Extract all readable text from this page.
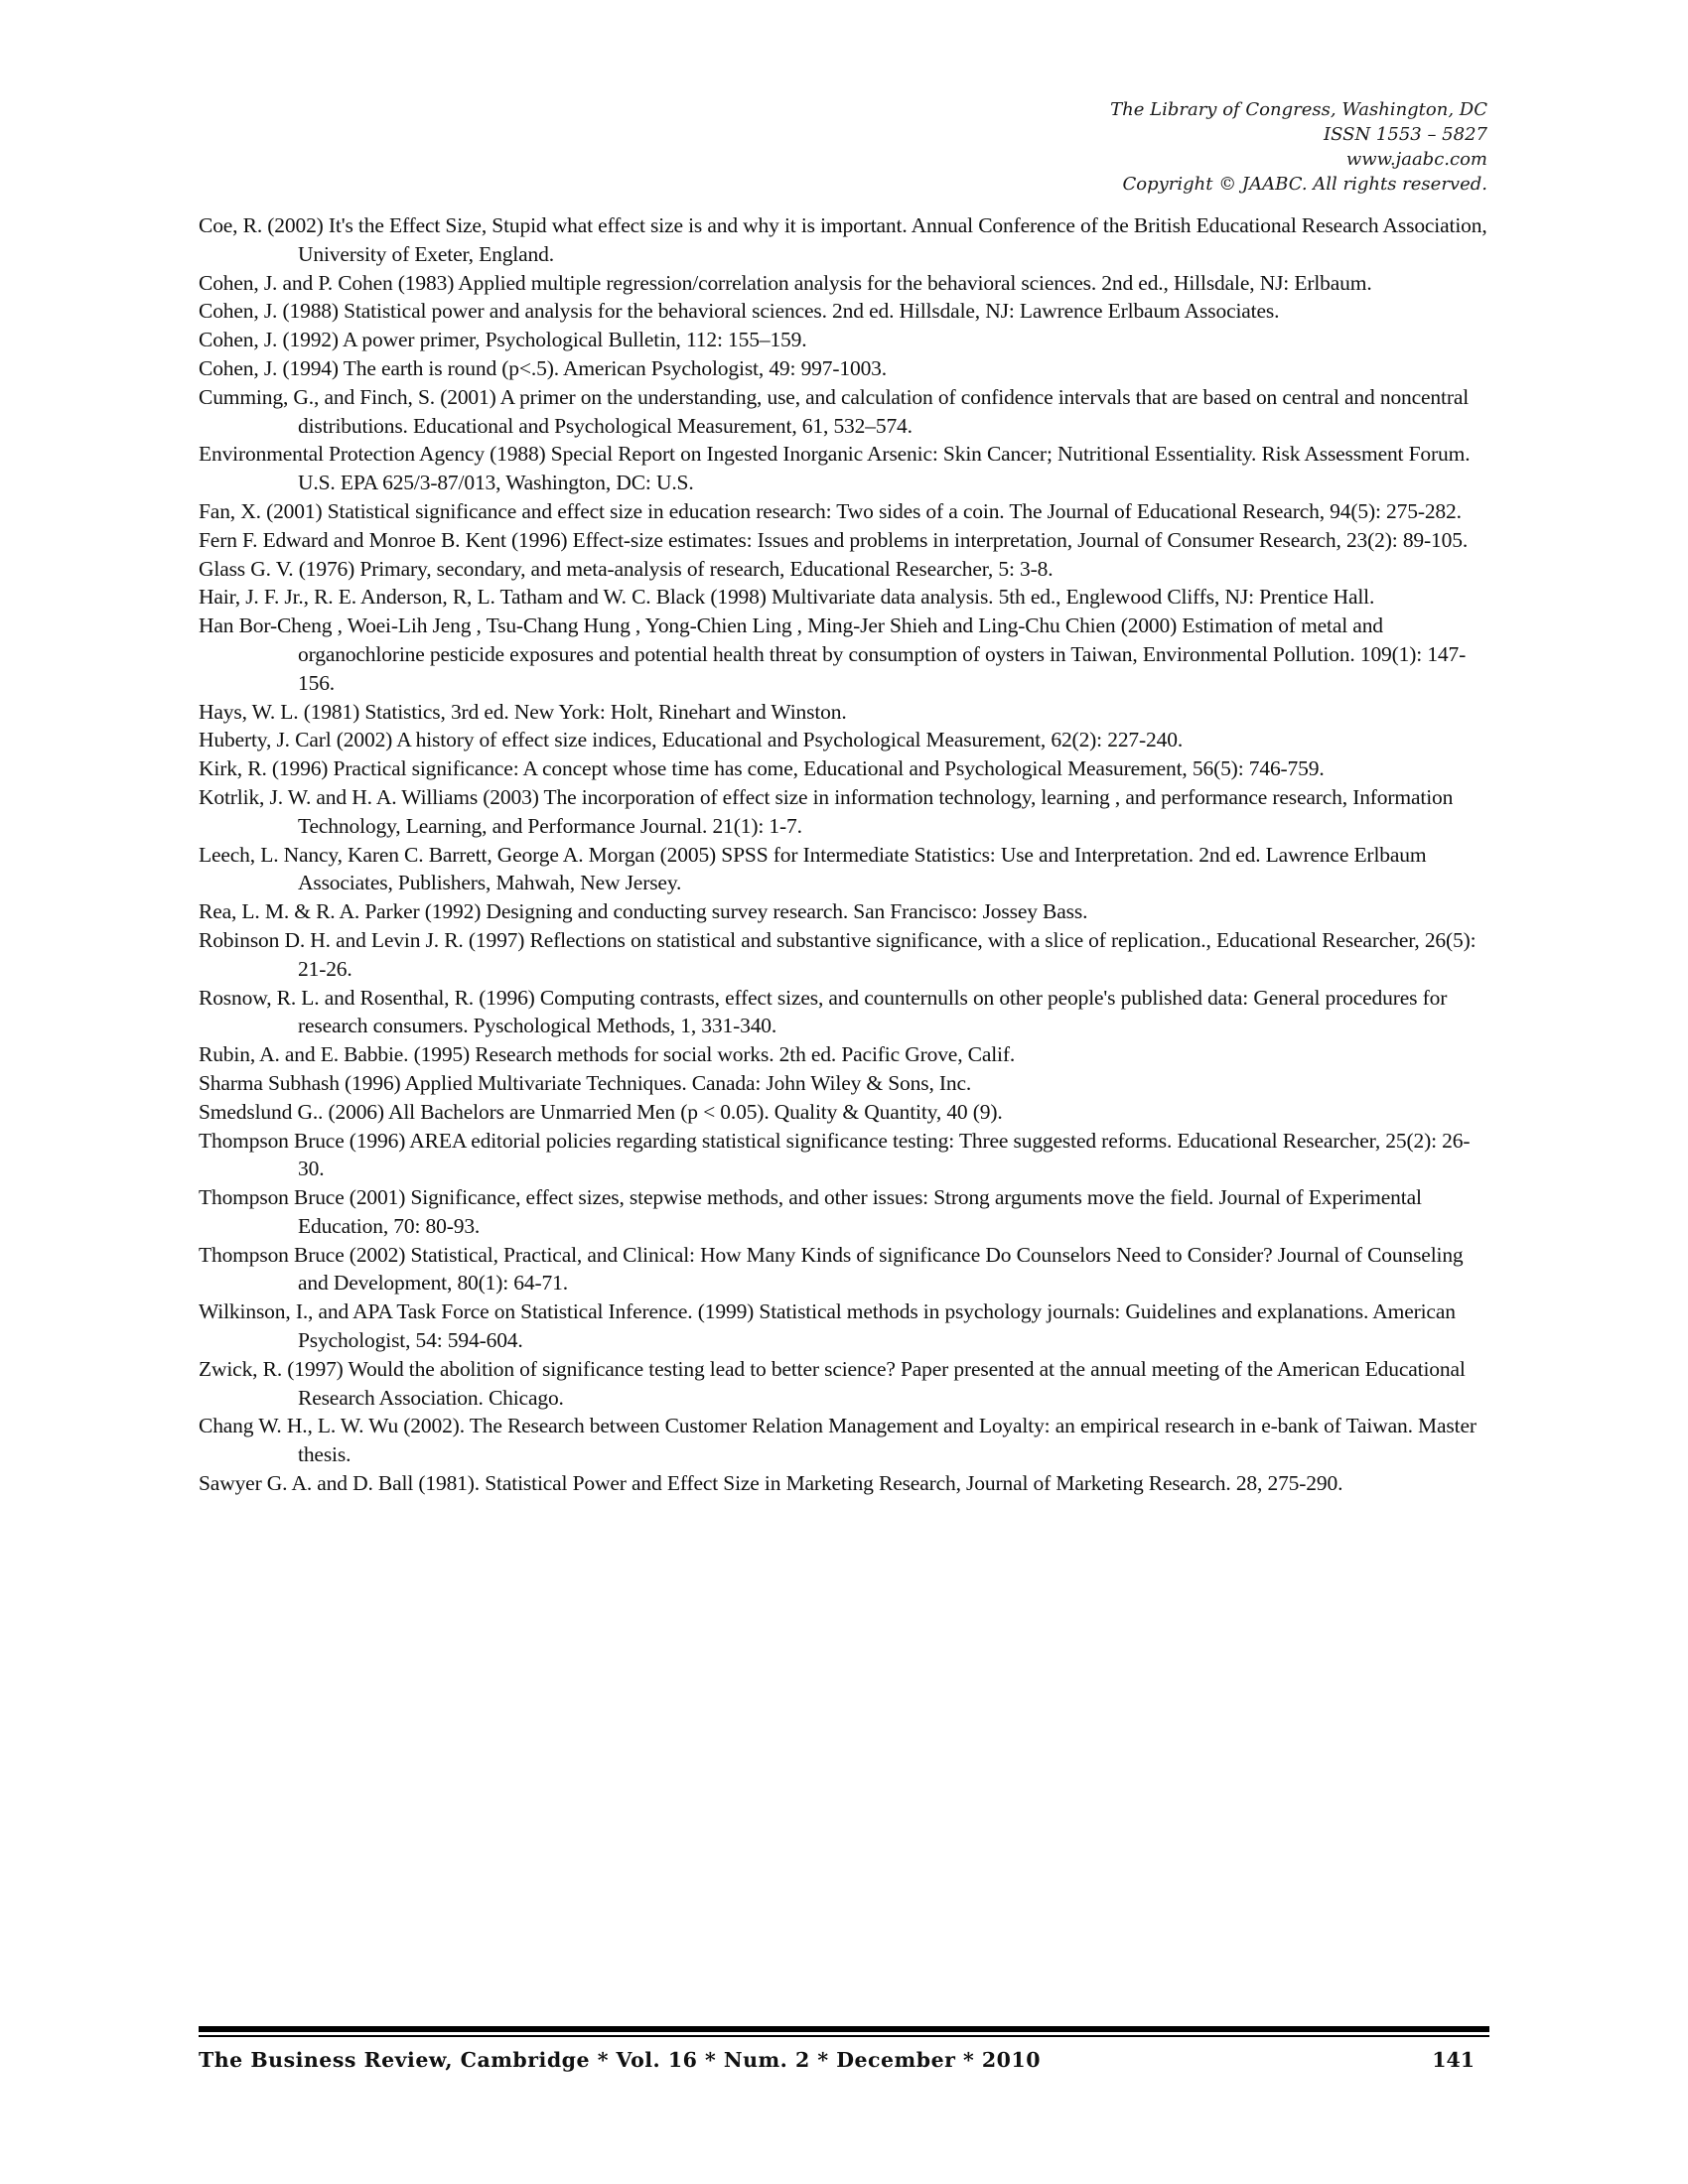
The Library of Congress, Washington, DC
ISSN 1553 – 5827
www.jaabc.com
Copyright © JAABC. All rights reserved.
Coe, R. (2002) It's the Effect Size, Stupid what effect size is and why it is important. Annual Conference of the British Educational Research Association, University of Exeter, England.
Cohen, J. and P. Cohen (1983) Applied multiple regression/correlation analysis for the behavioral sciences. 2nd ed., Hillsdale, NJ: Erlbaum.
Cohen, J. (1988) Statistical power and analysis for the behavioral sciences. 2nd ed. Hillsdale, NJ: Lawrence Erlbaum Associates.
Cohen, J. (1992) A power primer, Psychological Bulletin, 112: 155–159.
Cohen, J. (1994) The earth is round (p<.5). American Psychologist, 49: 997-1003.
Cumming, G., and Finch, S. (2001) A primer on the understanding, use, and calculation of confidence intervals that are based on central and noncentral distributions. Educational and Psychological Measurement, 61, 532–574.
Environmental Protection Agency (1988) Special Report on Ingested Inorganic Arsenic: Skin Cancer; Nutritional Essentiality. Risk Assessment Forum. U.S. EPA 625/3-87/013, Washington, DC: U.S.
Fan, X. (2001) Statistical significance and effect size in education research: Two sides of a coin. The Journal of Educational Research, 94(5): 275-282.
Fern F. Edward and Monroe B. Kent (1996) Effect-size estimates: Issues and problems in interpretation, Journal of Consumer Research, 23(2): 89-105.
Glass G. V. (1976) Primary, secondary, and meta-analysis of research, Educational Researcher, 5: 3-8.
Hair, J. F. Jr., R. E. Anderson, R, L. Tatham and W. C. Black (1998) Multivariate data analysis. 5th ed., Englewood Cliffs, NJ: Prentice Hall.
Han Bor-Cheng , Woei-Lih Jeng , Tsu-Chang Hung , Yong-Chien Ling , Ming-Jer Shieh and Ling-Chu Chien (2000) Estimation of metal and organochlorine pesticide exposures and potential health threat by consumption of oysters in Taiwan, Environmental Pollution. 109(1): 147-156.
Hays, W. L. (1981) Statistics, 3rd ed. New York: Holt, Rinehart and Winston.
Huberty, J. Carl (2002) A history of effect size indices, Educational and Psychological Measurement, 62(2): 227-240.
Kirk, R. (1996) Practical significance: A concept whose time has come, Educational and Psychological Measurement, 56(5): 746-759.
Kotrlik, J. W. and H. A. Williams (2003) The incorporation of effect size in information technology, learning , and performance research, Information Technology, Learning, and Performance Journal. 21(1): 1-7.
Leech, L. Nancy, Karen C. Barrett, George A. Morgan (2005) SPSS for Intermediate Statistics: Use and Interpretation. 2nd ed. Lawrence Erlbaum Associates, Publishers, Mahwah, New Jersey.
Rea, L. M. & R. A. Parker (1992) Designing and conducting survey research. San Francisco: Jossey Bass.
Robinson D. H. and Levin J. R. (1997) Reflections on statistical and substantive significance, with a slice of replication., Educational Researcher, 26(5): 21-26.
Rosnow, R. L. and Rosenthal, R. (1996) Computing contrasts, effect sizes, and counternulls on other people's published data: General procedures for research consumers. Pyschological Methods, 1, 331-340.
Rubin, A. and E. Babbie. (1995) Research methods for social works. 2th ed. Pacific Grove, Calif.
Sharma Subhash (1996) Applied Multivariate Techniques. Canada: John Wiley & Sons, Inc.
Smedslund G.. (2006) All Bachelors are Unmarried Men (p < 0.05). Quality & Quantity, 40 (9).
Thompson Bruce (1996) AREA editorial policies regarding statistical significance testing: Three suggested reforms. Educational Researcher, 25(2): 26-30.
Thompson Bruce (2001) Significance, effect sizes, stepwise methods, and other issues: Strong arguments move the field. Journal of Experimental Education, 70: 80-93.
Thompson Bruce (2002) Statistical, Practical, and Clinical: How Many Kinds of significance Do Counselors Need to Consider? Journal of Counseling and Development, 80(1): 64-71.
Wilkinson, I., and APA Task Force on Statistical Inference. (1999) Statistical methods in psychology journals: Guidelines and explanations. American Psychologist, 54: 594-604.
Zwick, R. (1997) Would the abolition of significance testing lead to better science? Paper presented at the annual meeting of the American Educational Research Association. Chicago.
Chang W. H., L. W. Wu (2002). The Research between Customer Relation Management and Loyalty: an empirical research in e-bank of Taiwan. Master thesis.
Sawyer G. A. and D. Ball (1981). Statistical Power and Effect Size in Marketing Research, Journal of Marketing Research. 28, 275-290.
The Business Review, Cambridge * Vol. 16 * Num. 2 * December * 2010	141
